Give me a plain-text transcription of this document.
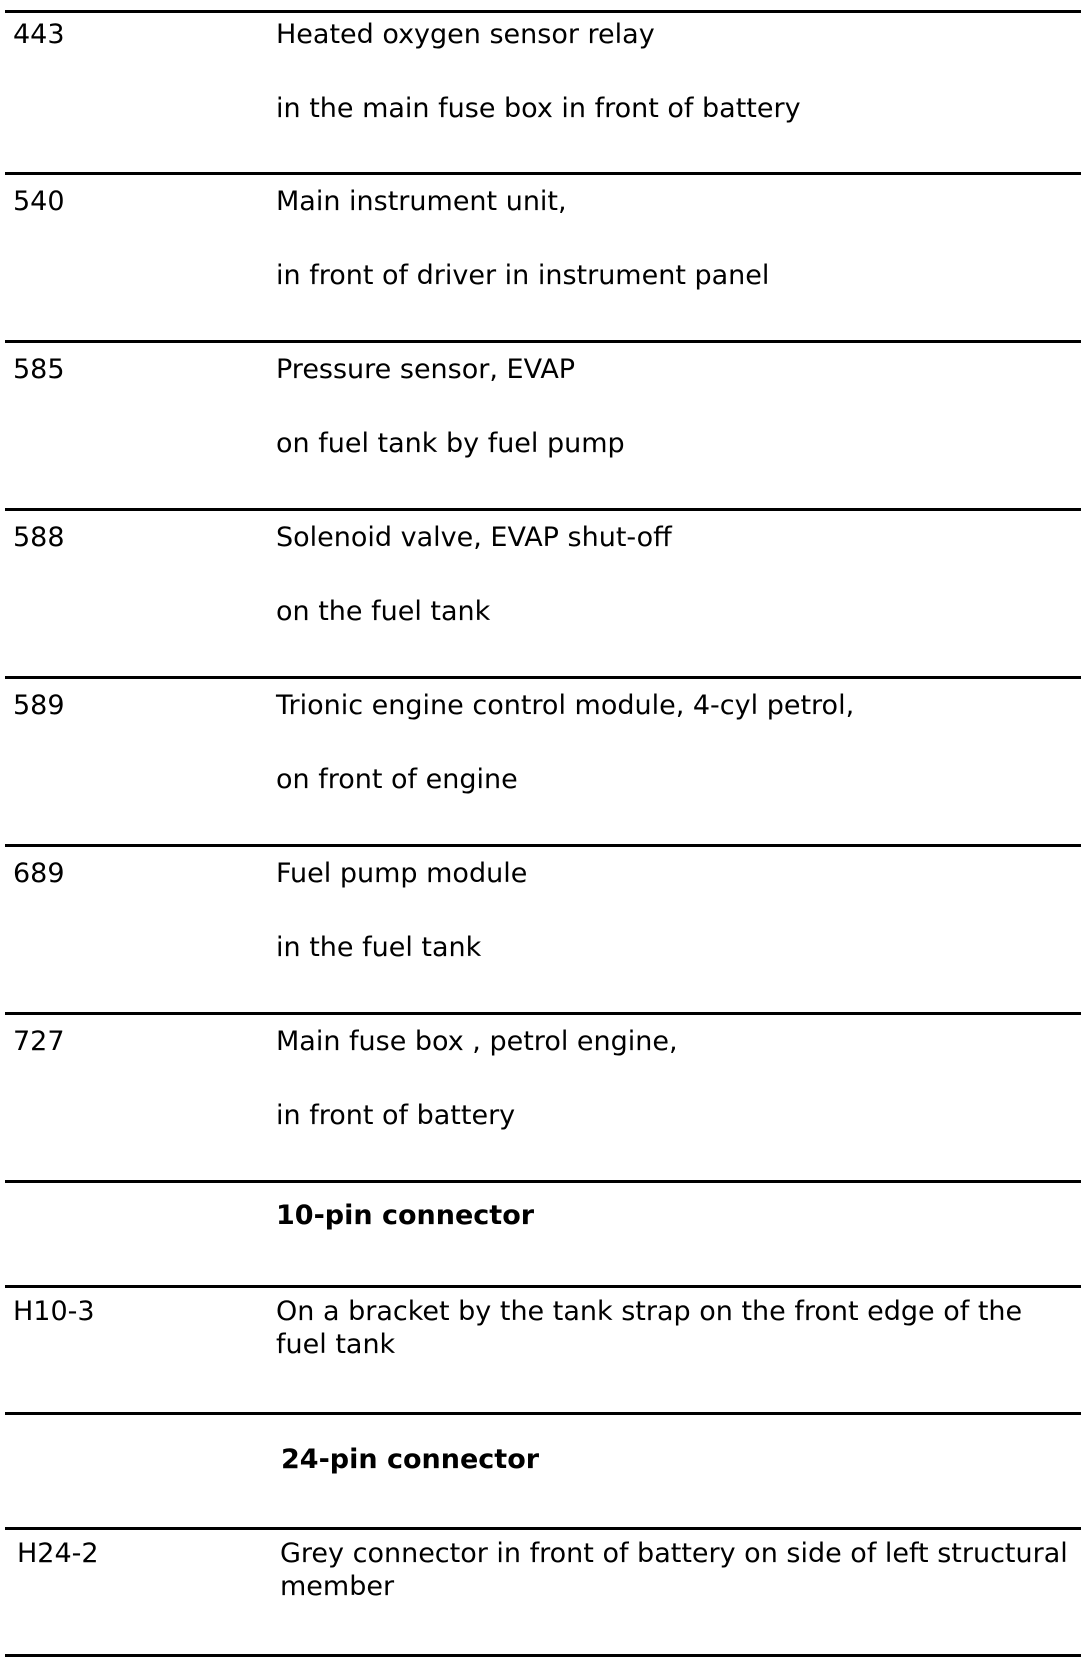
443	Heated oxygen sensor relay

in the main fuse box in front of battery

540	Main instrument unit,

in front of driver in instrument panel

585	Pressure sensor, EVAP

on fuel tank by fuel pump

588	Solenoid valve, EVAP shut-off

on the fuel tank

589	Trionic engine control module, 4-cyl petrol,

on front of engine

689	Fuel pump module

in the fuel tank

727	Main fuse box , petrol engine,

in front of battery

10-pin connector

H10-3	On a bracket by the tank strap on the front edge of the fuel tank

24-pin connector

H24-2	Grey connector in front of battery on side of left structural member
